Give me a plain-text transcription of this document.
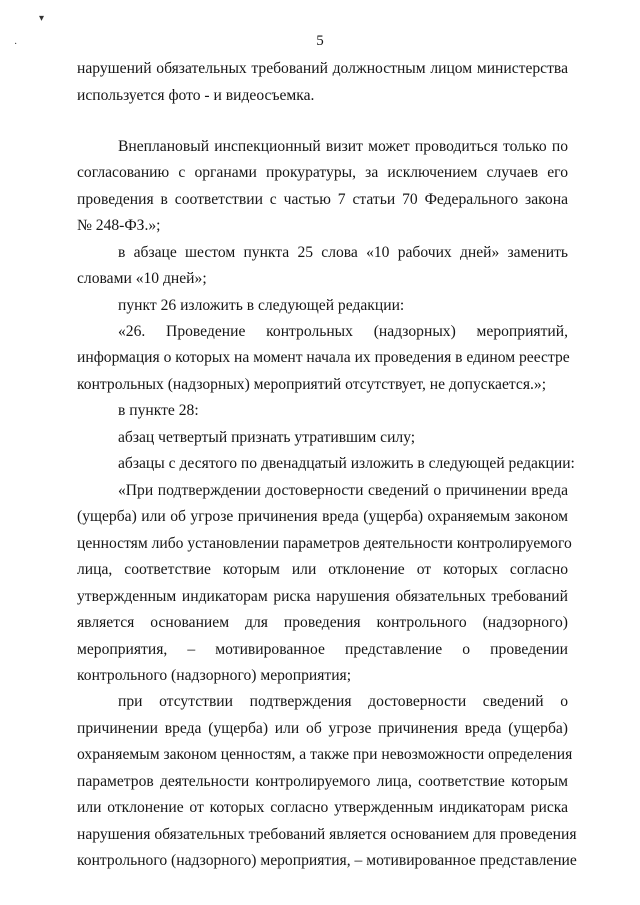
▾
·	5
нарушений обязательных требований должностным лицом министерства
используется фото - и видеосъемка.
Внеплановый инспекционный визит может проводиться только по
согласованию с органами прокуратуры, за исключением случаев его
проведения в соответствии с частью 7 статьи 70 Федерального закона
№ 248-ФЗ.»;
в абзаце шестом пункта 25 слова «10 рабочих дней» заменить
словами «10 дней»;
пункт 26 изложить в следующей редакции:
«26. Проведение контрольных (надзорных) мероприятий,
информация о которых на момент начала их проведения в едином реестре
контрольных (надзорных) мероприятий отсутствует, не допускается.»;
в пункте 28:
абзац четвертый признать утратившим силу;
абзацы с десятого по двенадцатый изложить в следующей редакции:
«При подтверждении достоверности сведений о причинении вреда
(ущерба) или об угрозе причинения вреда (ущерба) охраняемым законом
ценностям либо установлении параметров деятельности контролируемого
лица, соответствие которым или отклонение от которых согласно
утвержденным индикаторам риска нарушения обязательных требований
является основанием для проведения контрольного (надзорного)
мероприятия, – мотивированное представление о проведении
контрольного (надзорного) мероприятия;
при отсутствии подтверждения достоверности сведений о
причинении вреда (ущерба) или об угрозе причинения вреда (ущерба)
охраняемым законом ценностям, а также при невозможности определения
параметров деятельности контролируемого лица, соответствие которым
или отклонение от которых согласно утвержденным индикаторам риска
нарушения обязательных требований является основанием для проведения
контрольного (надзорного) мероприятия, – мотивированное представление
